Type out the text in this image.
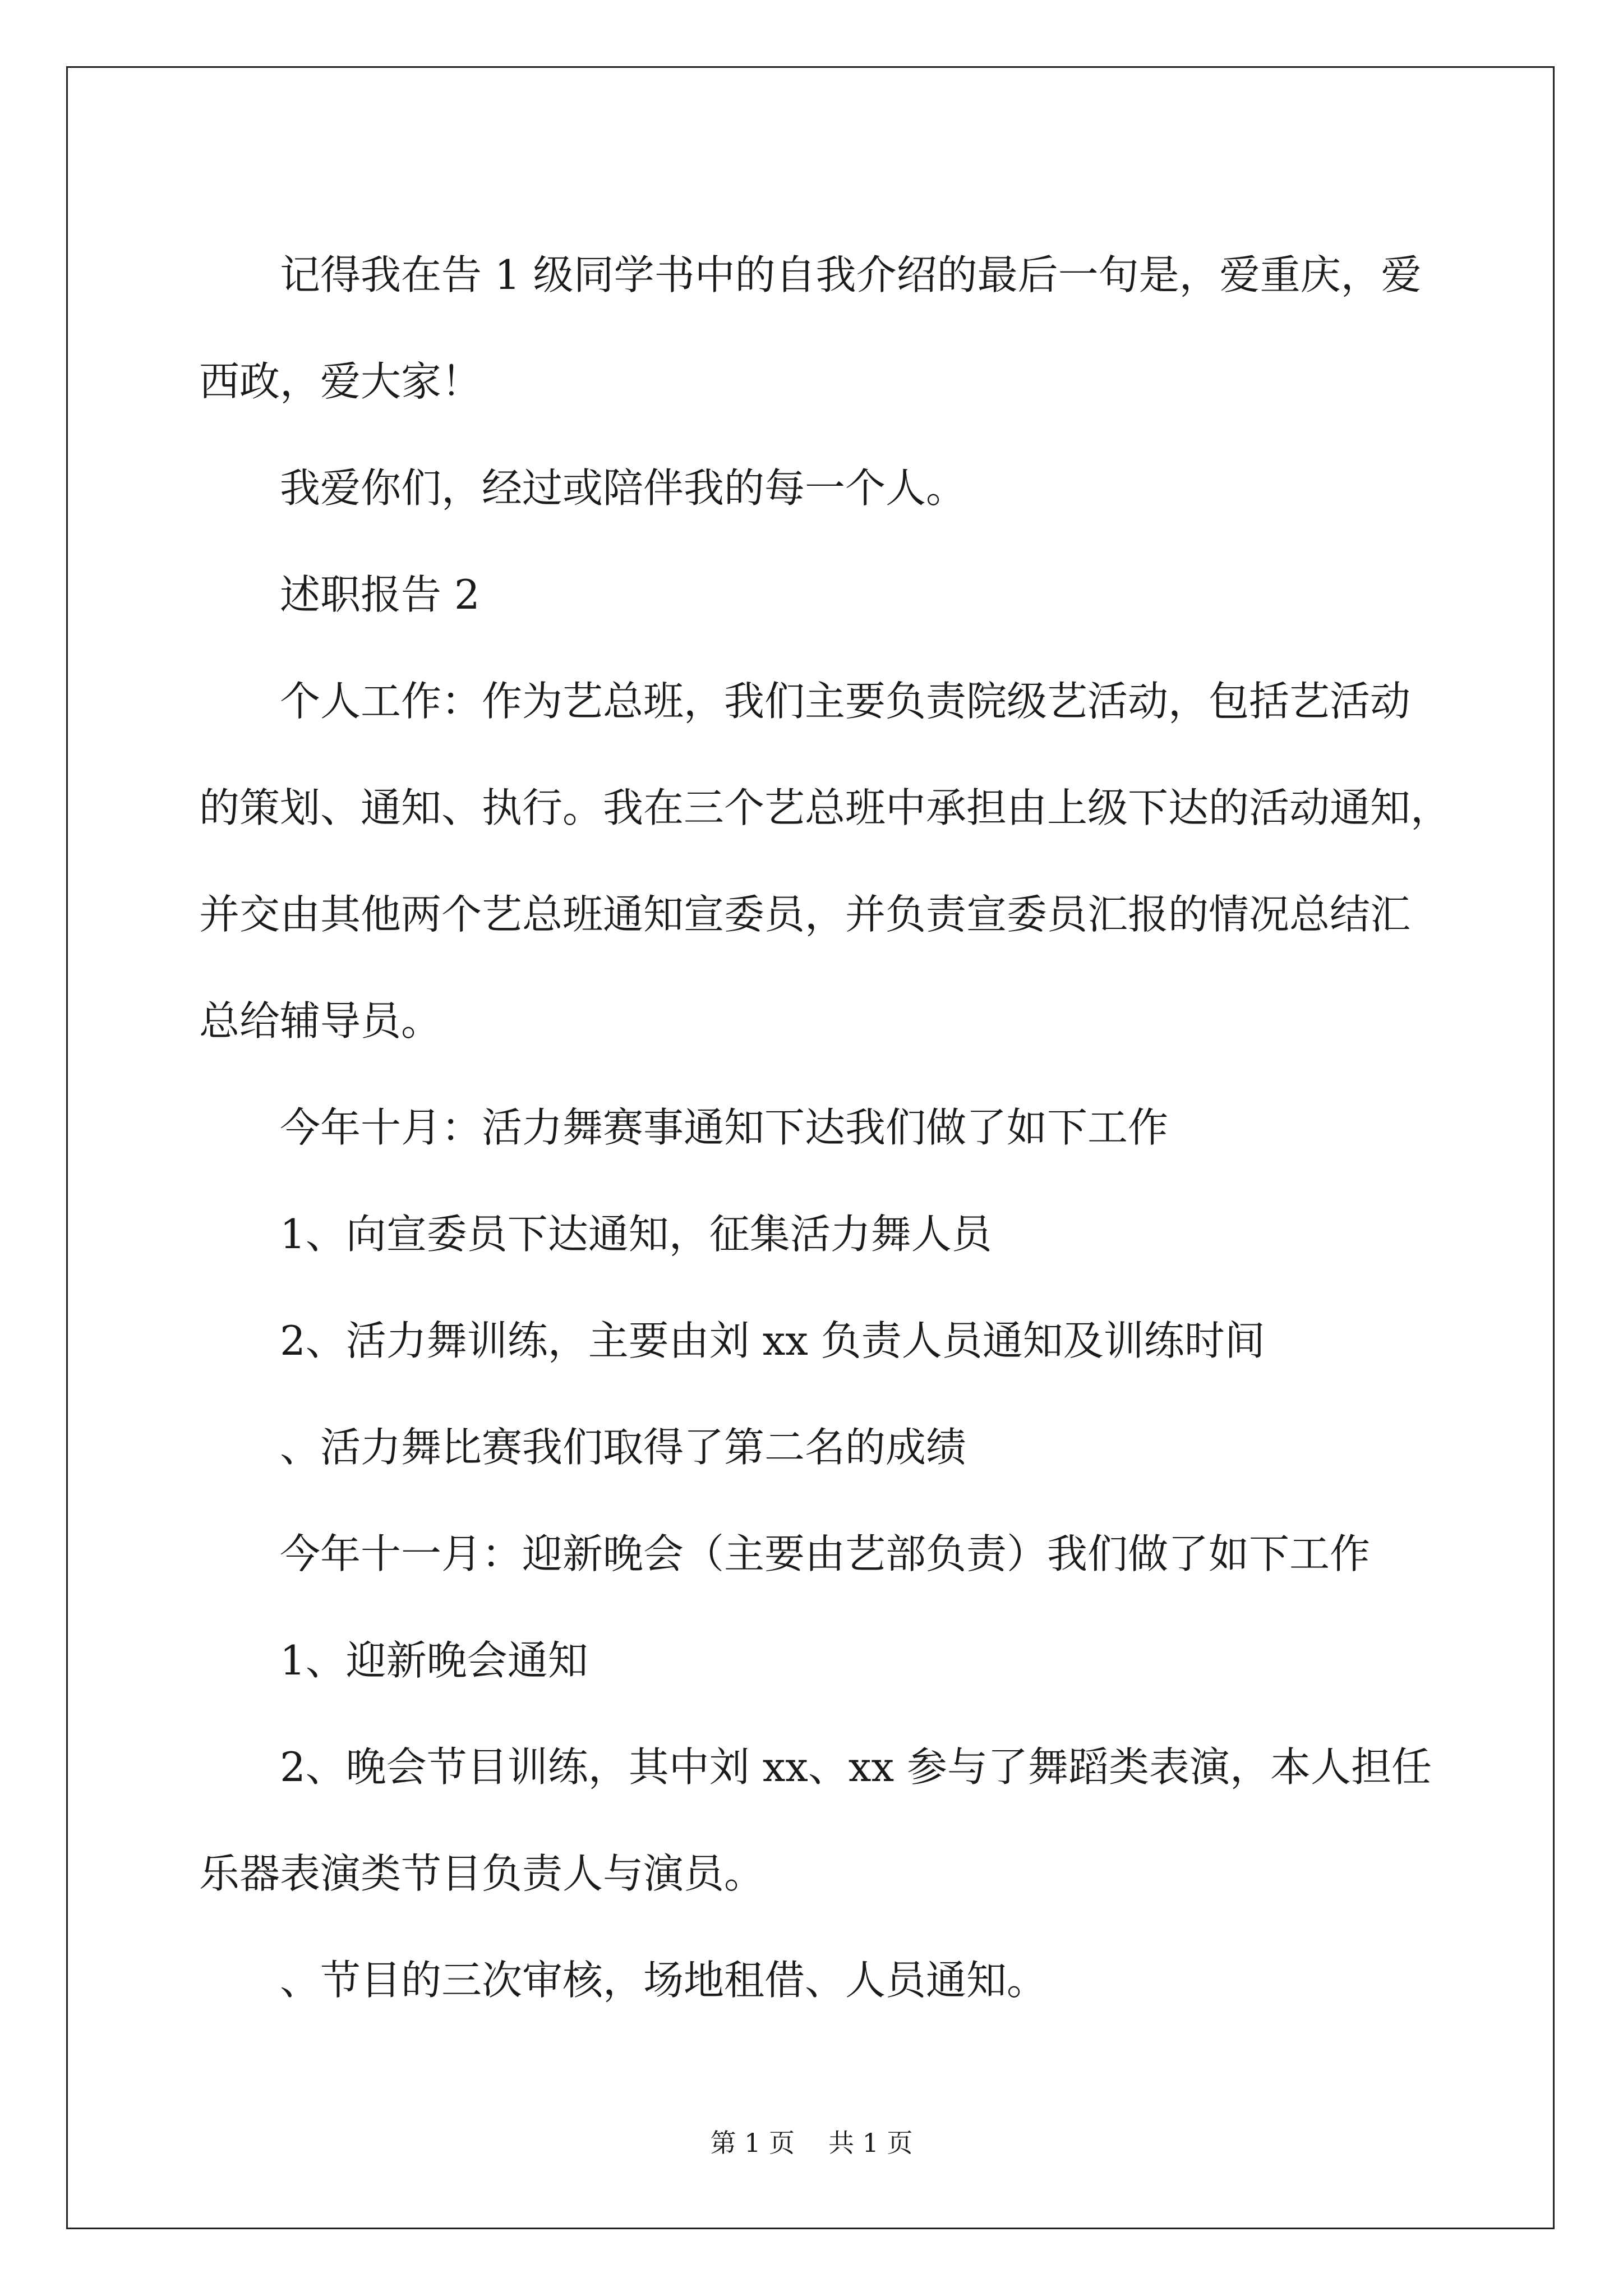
记得我在告 1 级同学书中的自我介绍的最后一句是，爱重庆，爱

西政，爱大家！

我爱你们，经过或陪伴我的每一个人。

述职报告 2

个人工作：作为艺总班，我们主要负责院级艺活动，包括艺活动

的策划、通知、执行。我在三个艺总班中承担由上级下达的活动通知，

并交由其他两个艺总班通知宣委员，并负责宣委员汇报的情况总结汇

总给辅导员。

今年十月：活力舞赛事通知下达我们做了如下工作

1、向宣委员下达通知，征集活力舞人员

2、活力舞训练，主要由刘 xx 负责人员通知及训练时间

、活力舞比赛我们取得了第二名的成绩

今年十一月：迎新晚会（主要由艺部负责）我们做了如下工作

1、迎新晚会通知

2、晚会节目训练，其中刘 xx、xx 参与了舞蹈类表演，本人担任

乐器表演类节目负责人与演员。

、节目的三次审核，场地租借、人员通知。

第 1 页 共 1 页
